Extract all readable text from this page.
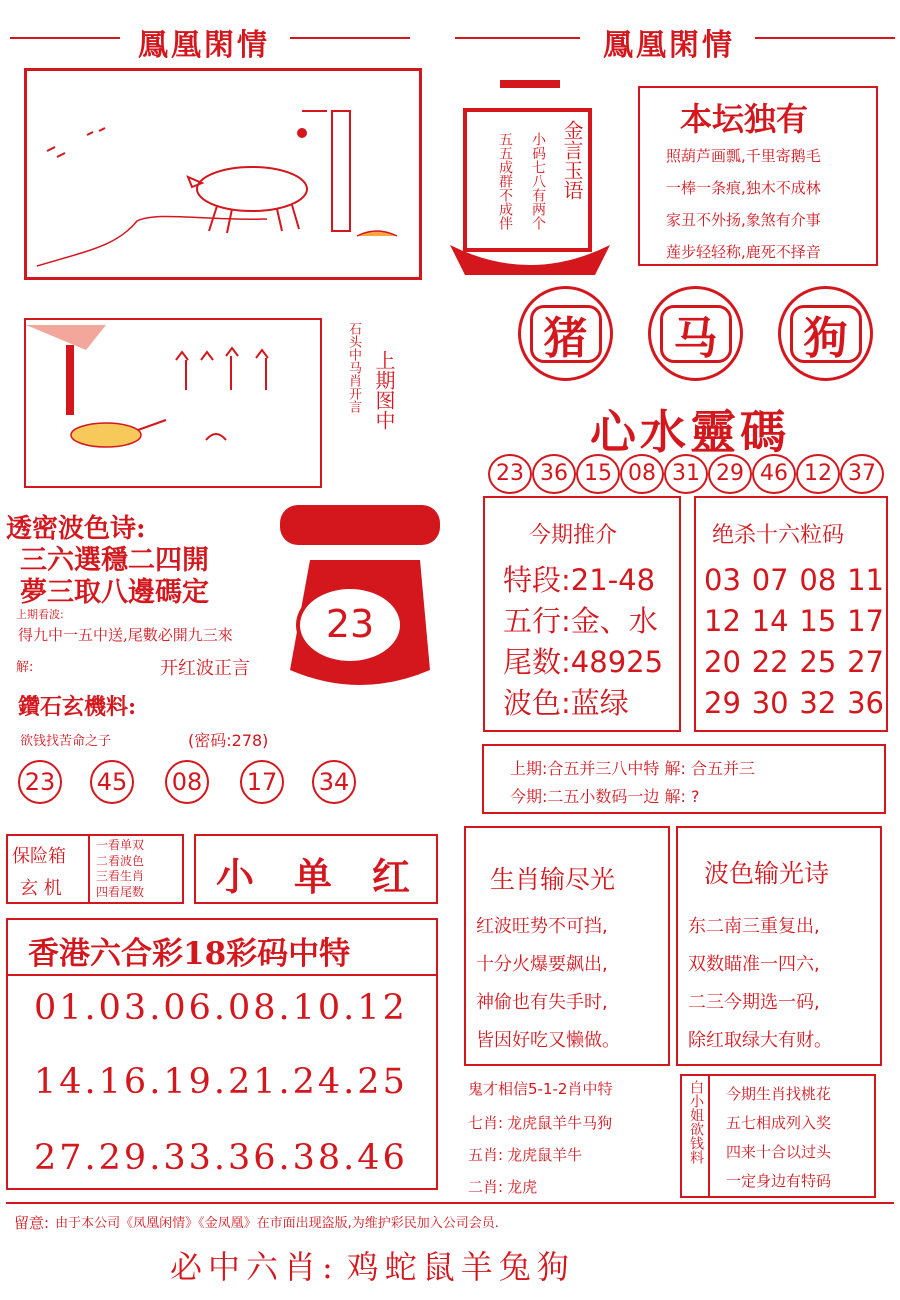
鳳凰閑情	鳳凰閑情
金言玉语
小码七八有两个
五五成群不成伴
本坛独有
照葫芦画瓢,千里寄鹅毛
一棒一条痕,独木不成林
家丑不外扬,象煞有介事
莲步轻轻称,鹿死不择音
猪	马	狗
心水靈碼
23 36 15 08 31 29 46 12 37
上期图中
石头中马肖开言
透密波色诗:
三六選穩二四開
夢三取八邊碼定
上期看波:
得九中一五中送,尾數必開九三來
解:	开红波正言
23
鑽石玄機料:
欲钱找苦命之子	(密码:278)
23 45 08 17 34
今期推介
特段 : 21-48
五行 : 金、水
尾数 : 48925
波色 : 蓝绿
绝杀十六粒码
03 07 08 11
12 14 15 17
20 22 25 27
29 30 32 36
上期:合五并三八中特 解: 合五并三
今期:二五小数码一边 解: ?
保险箱
玄 机
一看单双
二看波色
三看生肖
四看尾数 小 单 红
香港六合彩18彩码中特
01.03.06.08.10.12
14.16.19.21.24.25
27.29.33.36.38.46
生肖输尽光
红波旺势不可挡,
十分火爆要飙出,
神偷也有失手时,
皆因好吃又懒做。
波色输光诗
东二南三重复出,
双数瞄准一四六,
二三今期选一码,
除红取绿大有财。
鬼才相信5-1-2肖中特
七肖: 龙虎鼠羊牛马狗
五肖: 龙虎鼠羊牛
二肖: 龙虎
白小姐欲钱料 今期生肖找桃花
五七相成列入奖
四来十合以过头
一定身边有特码
留意: 由于本公司《凤凰闲情》《金凤凰》在市面出现盗版,为维护彩民加入公司会员.
必中六肖: 鸡蛇鼠羊兔狗
